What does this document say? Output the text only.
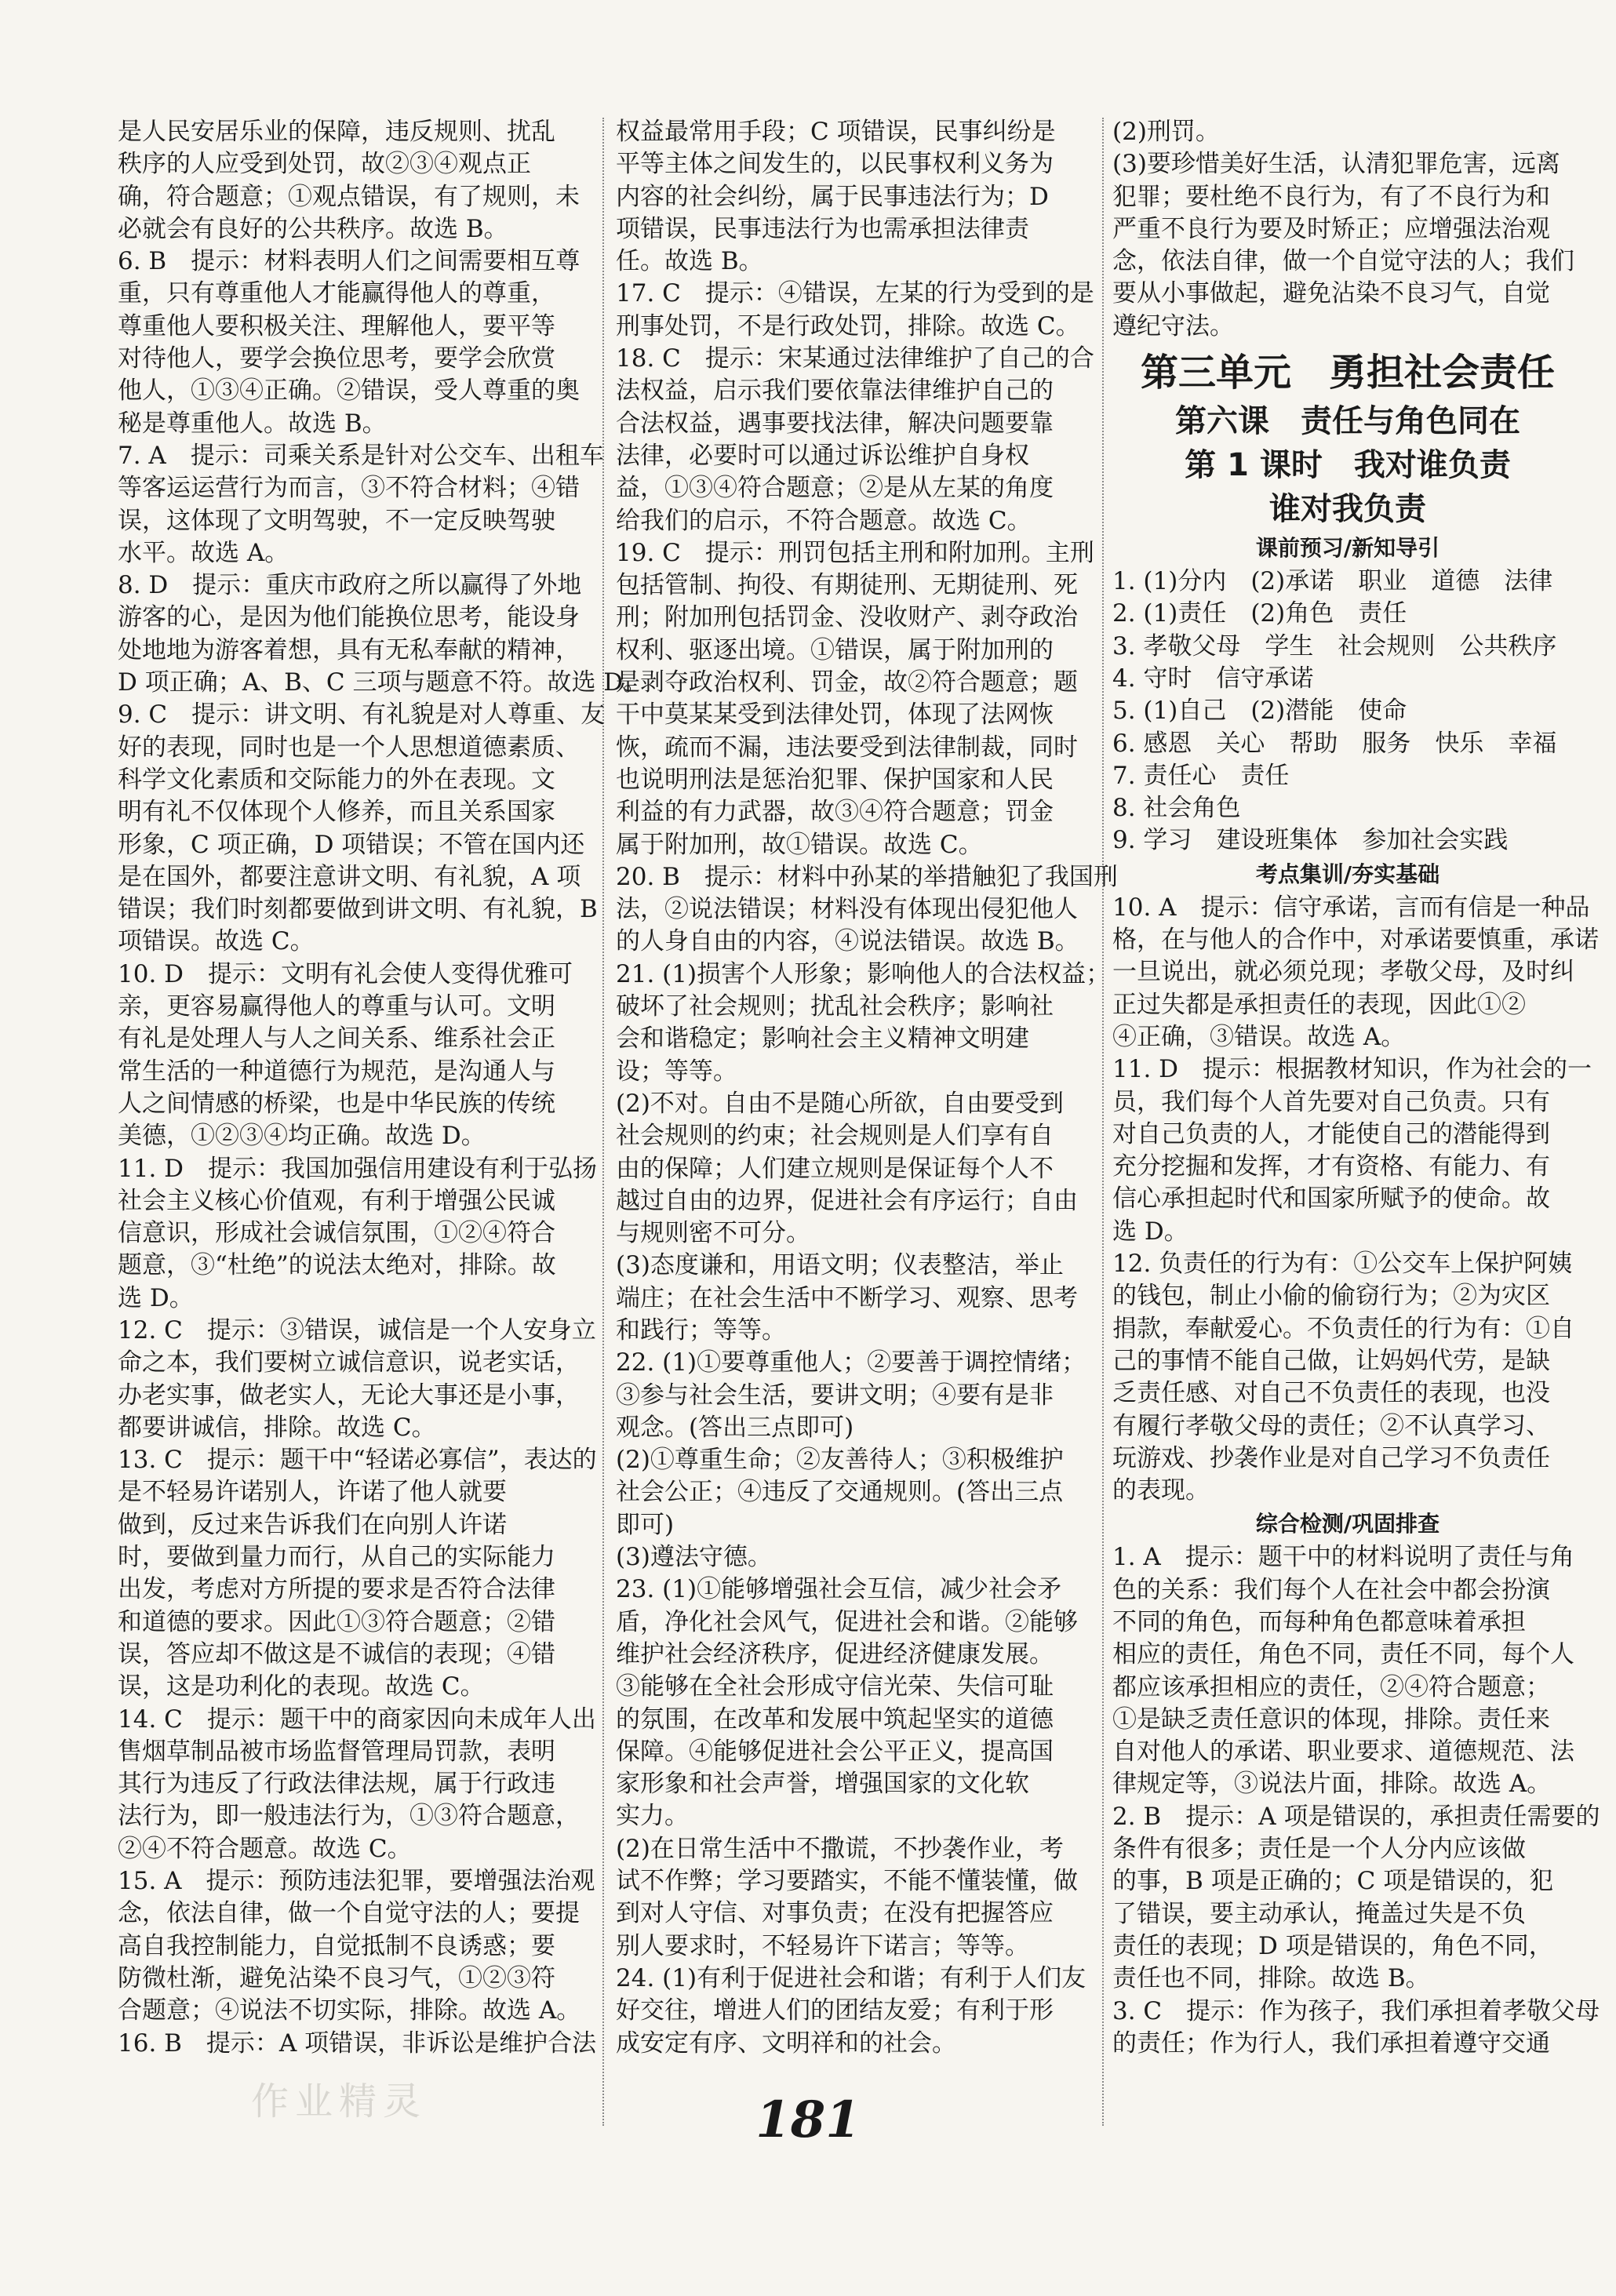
是人民安居乐业的保障，违反规则、扰乱

秩序的人应受到处罚，故②③④观点正

确，符合题意；①观点错误，有了规则，未

必就会有良好的公共秩序。故选 B。

6. B　提示：材料表明人们之间需要相互尊

重，只有尊重他人才能赢得他人的尊重，

尊重他人要积极关注、理解他人，要平等

对待他人，要学会换位思考，要学会欣赏

他人，①③④正确。②错误，受人尊重的奥

秘是尊重他人。故选 B。

7. A　提示：司乘关系是针对公交车、出租车

等客运运营行为而言，③不符合材料；④错

误，这体现了文明驾驶，不一定反映驾驶

水平。故选 A。

8. D　提示：重庆市政府之所以赢得了外地

游客的心，是因为他们能换位思考，能设身

处地地为游客着想，具有无私奉献的精神，

D 项正确；A、B、C 三项与题意不符。故选 D。

9. C　提示：讲文明、有礼貌是对人尊重、友

好的表现，同时也是一个人思想道德素质、

科学文化素质和交际能力的外在表现。文

明有礼不仅体现个人修养，而且关系国家

形象，C 项正确，D 项错误；不管在国内还

是在国外，都要注意讲文明、有礼貌，A 项

错误；我们时刻都要做到讲文明、有礼貌，B

项错误。故选 C。

10. D　提示：文明有礼会使人变得优雅可

亲，更容易赢得他人的尊重与认可。文明

有礼是处理人与人之间关系、维系社会正

常生活的一种道德行为规范，是沟通人与

人之间情感的桥梁，也是中华民族的传统

美德，①②③④均正确。故选 D。

11. D　提示：我国加强信用建设有利于弘扬

社会主义核心价值观，有利于增强公民诚

信意识，形成社会诚信氛围，①②④符合

题意，③“杜绝”的说法太绝对，排除。故

选 D。

12. C　提示：③错误，诚信是一个人安身立

命之本，我们要树立诚信意识，说老实话，

办老实事，做老实人，无论大事还是小事，

都要讲诚信，排除。故选 C。

13. C　提示：题干中“轻诺必寡信”，表达的

是不轻易许诺别人，许诺了他人就要

做到，反过来告诉我们在向别人许诺

时，要做到量力而行，从自己的实际能力

出发，考虑对方所提的要求是否符合法律

和道德的要求。因此①③符合题意；②错

误，答应却不做这是不诚信的表现；④错

误，这是功利化的表现。故选 C。

14. C　提示：题干中的商家因向未成年人出

售烟草制品被市场监督管理局罚款，表明

其行为违反了行政法律法规，属于行政违

法行为，即一般违法行为，①③符合题意，

②④不符合题意。故选 C。

15. A　提示：预防违法犯罪，要增强法治观

念，依法自律，做一个自觉守法的人；要提

高自我控制能力，自觉抵制不良诱惑；要

防微杜渐，避免沾染不良习气，①②③符

合题意；④说法不切实际，排除。故选 A。

16. B　提示：A 项错误，非诉讼是维护合法

权益最常用手段；C 项错误，民事纠纷是

平等主体之间发生的，以民事权利义务为

内容的社会纠纷，属于民事违法行为；D

项错误，民事违法行为也需承担法律责

任。故选 B。

17. C　提示：④错误，左某的行为受到的是

刑事处罚，不是行政处罚，排除。故选 C。

18. C　提示：宋某通过法律维护了自己的合

法权益，启示我们要依靠法律维护自己的

合法权益，遇事要找法律，解决问题要靠

法律，必要时可以通过诉讼维护自身权

益，①③④符合题意；②是从左某的角度

给我们的启示，不符合题意。故选 C。

19. C　提示：刑罚包括主刑和附加刑。主刑

包括管制、拘役、有期徒刑、无期徒刑、死

刑；附加刑包括罚金、没收财产、剥夺政治

权利、驱逐出境。①错误，属于附加刑的

是剥夺政治权利、罚金，故②符合题意；题

干中莫某某受到法律处罚，体现了法网恢

恢，疏而不漏，违法要受到法律制裁，同时

也说明刑法是惩治犯罪、保护国家和人民

利益的有力武器，故③④符合题意；罚金

属于附加刑，故①错误。故选 C。

20. B　提示：材料中孙某的举措触犯了我国刑

法，②说法错误；材料没有体现出侵犯他人

的人身自由的内容，④说法错误。故选 B。

21. (1)损害个人形象；影响他人的合法权益；

破坏了社会规则；扰乱社会秩序；影响社

会和谐稳定；影响社会主义精神文明建

设；等等。

(2)不对。自由不是随心所欲，自由要受到

社会规则的约束；社会规则是人们享有自

由的保障；人们建立规则是保证每个人不

越过自由的边界，促进社会有序运行；自由

与规则密不可分。

(3)态度谦和，用语文明；仪表整洁，举止

端庄；在社会生活中不断学习、观察、思考

和践行；等等。

22. (1)①要尊重他人；②要善于调控情绪；

③参与社会生活，要讲文明；④要有是非

观念。(答出三点即可)

(2)①尊重生命；②友善待人；③积极维护

社会公正；④违反了交通规则。(答出三点

即可)

(3)遵法守德。

23. (1)①能够增强社会互信，减少社会矛

盾，净化社会风气，促进社会和谐。②能够

维护社会经济秩序，促进经济健康发展。

③能够在全社会形成守信光荣、失信可耻

的氛围，在改革和发展中筑起坚实的道德

保障。④能够促进社会公平正义，提高国

家形象和社会声誉，增强国家的文化软

实力。

(2)在日常生活中不撒谎，不抄袭作业，考

试不作弊；学习要踏实，不能不懂装懂，做

到对人守信、对事负责；在没有把握答应

别人要求时，不轻易许下诺言；等等。

24. (1)有利于促进社会和谐；有利于人们友

好交往，增进人们的团结友爱；有利于形

成安定有序、文明祥和的社会。

(2)刑罚。

(3)要珍惜美好生活，认清犯罪危害，远离

犯罪；要杜绝不良行为，有了不良行为和

严重不良行为要及时矫正；应增强法治观

念，依法自律，做一个自觉守法的人；我们

要从小事做起，避免沾染不良习气，自觉

遵纪守法。

第三单元　勇担社会责任
第六课　责任与角色同在
第 1 课时　我对谁负责
谁对我负责
课前预习/新知导引

1. (1)分内　(2)承诺　职业　道德　法律

2. (1)责任　(2)角色　责任

3. 孝敬父母　学生　社会规则　公共秩序

4. 守时　信守承诺

5. (1)自己　(2)潜能　使命

6. 感恩　关心　帮助　服务　快乐　幸福

7. 责任心　责任

8. 社会角色

9. 学习　建设班集体　参加社会实践

考点集训/夯实基础

10. A　提示：信守承诺，言而有信是一种品

格，在与他人的合作中，对承诺要慎重，承诺

一旦说出，就必须兑现；孝敬父母，及时纠

正过失都是承担责任的表现，因此①②

④正确，③错误。故选 A。

11. D　提示：根据教材知识，作为社会的一

员，我们每个人首先要对自己负责。只有

对自己负责的人，才能使自己的潜能得到

充分挖掘和发挥，才有资格、有能力、有

信心承担起时代和国家所赋予的使命。故

选 D。

12. 负责任的行为有：①公交车上保护阿姨

的钱包，制止小偷的偷窃行为；②为灾区

捐款，奉献爱心。不负责任的行为有：①自

己的事情不能自己做，让妈妈代劳，是缺

乏责任感、对自己不负责任的表现，也没

有履行孝敬父母的责任；②不认真学习、

玩游戏、抄袭作业是对自己学习不负责任

的表现。

综合检测/巩固排查

1. A　提示：题干中的材料说明了责任与角

色的关系：我们每个人在社会中都会扮演

不同的角色，而每种角色都意味着承担

相应的责任，角色不同，责任不同，每个人

都应该承担相应的责任，②④符合题意；

①是缺乏责任意识的体现，排除。责任来

自对他人的承诺、职业要求、道德规范、法

律规定等，③说法片面，排除。故选 A。

2. B　提示：A 项是错误的，承担责任需要的

条件有很多；责任是一个人分内应该做

的事，B 项是正确的；C 项是错误的，犯

了错误，要主动承认，掩盖过失是不负

责任的表现；D 项是错误的，角色不同，

责任也不同，排除。故选 B。

3. C　提示：作为孩子，我们承担着孝敬父母

的责任；作为行人，我们承担着遵守交通

作业精灵	181
